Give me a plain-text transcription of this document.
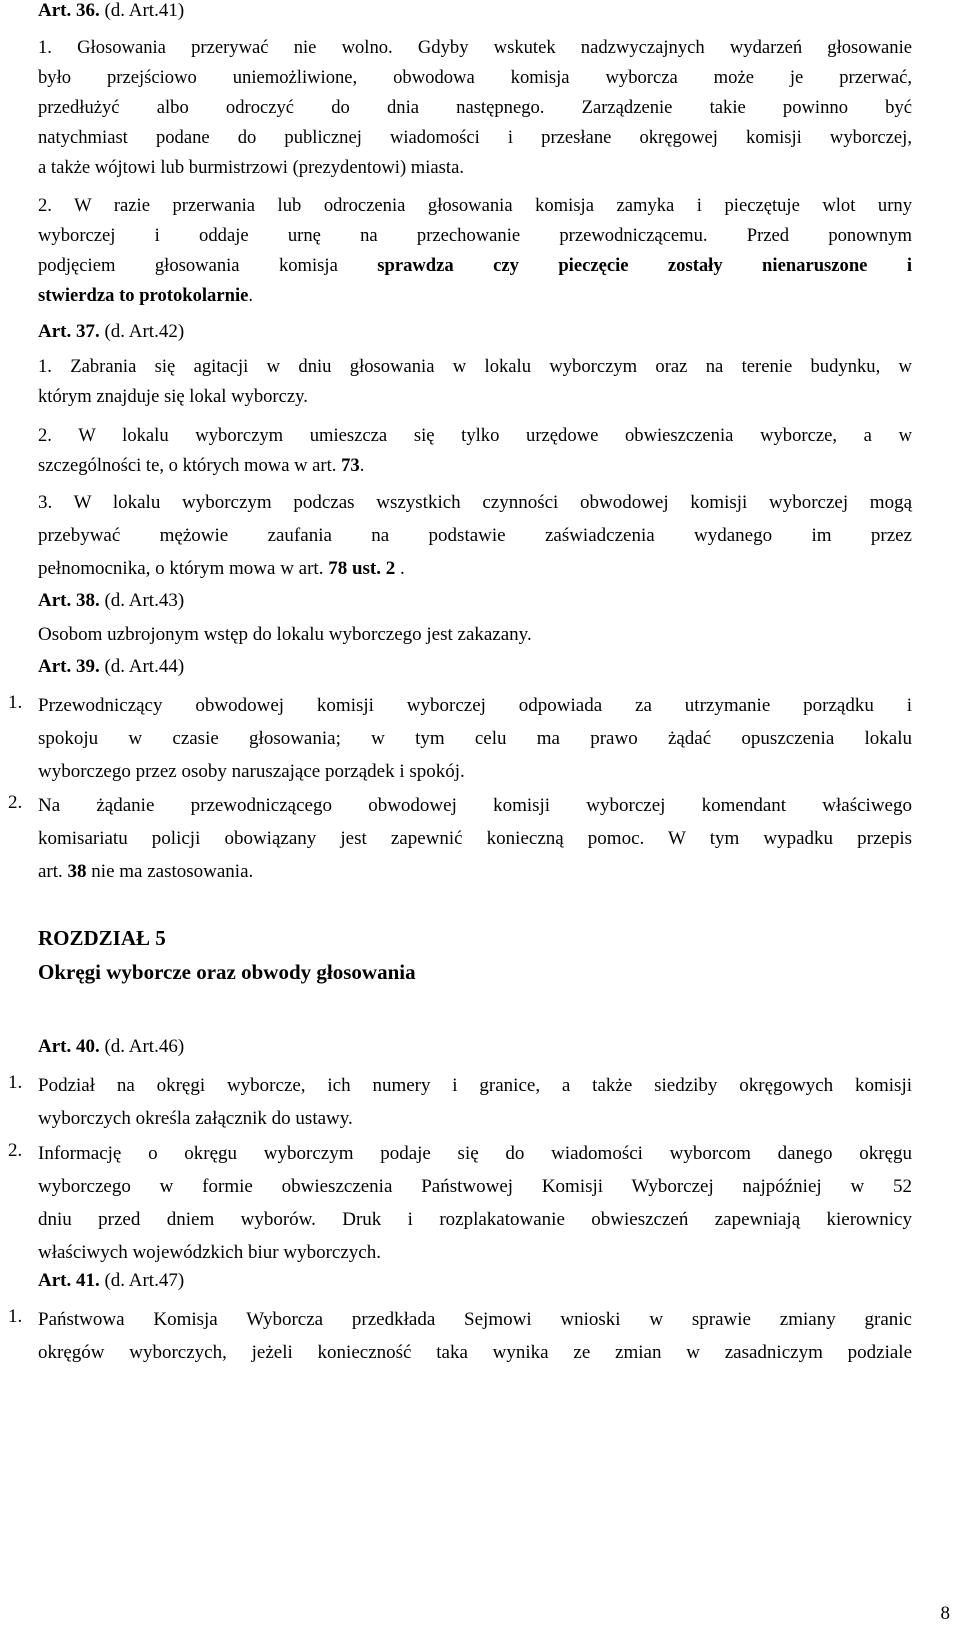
Art. 36. (d. Art.41)
1. Głosowania przerywać nie wolno. Gdyby wskutek nadzwyczajnych wydarzeń głosowanie
było przejściowo uniemożliwione, obwodowa komisja wyborcza może je przerwać,
przedłużyć albo odroczyć do dnia następnego. Zarządzenie takie powinno być
natychmiast podane do publicznej wiadomości i przesłane okręgowej komisji wyborczej,
a także wójtowi lub burmistrzowi (prezydentowi) miasta.
2. W razie przerwania lub odroczenia głosowania komisja zamyka i pieczętuje wlot urny
wyborczej i oddaje urnę na przechowanie przewodniczącemu. Przed ponownym
podjęciem głosowania komisja sprawdza czy pieczęcie zostały nienaruszone i
stwierdza to protokolarnie.
Art. 37. (d. Art.42)
1. Zabrania się agitacji w dniu głosowania w lokalu wyborczym oraz na terenie budynku, w
którym znajduje się lokal wyborczy.
2. W lokalu wyborczym umieszcza się tylko urzędowe obwieszczenia wyborcze, a w
szczególności te, o których mowa w art. 73.
3. W lokalu wyborczym podczas wszystkich czynności obwodowej komisji wyborczej mogą
przebywać mężowie zaufania na podstawie zaświadczenia wydanego im przez
pełnomocnika, o którym mowa w art. 78 ust. 2 .
Art. 38. (d. Art.43)
Osobom uzbrojonym wstęp do lokalu wyborczego jest zakazany.
Art. 39. (d. Art.44)
1. Przewodniczący obwodowej komisji wyborczej odpowiada za utrzymanie porządku i
spokoju w czasie głosowania; w tym celu ma prawo żądać opuszczenia lokalu
wyborczego przez osoby naruszające porządek i spokój.
2. Na żądanie przewodniczącego obwodowej komisji wyborczej komendant właściwego
komisariatu policji obowiązany jest zapewnić konieczną pomoc. W tym wypadku przepis
art. 38 nie ma zastosowania.
ROZDZIAŁ 5
Okręgi wyborcze oraz obwody głosowania
Art. 40. (d. Art.46)
1. Podział na okręgi wyborcze, ich numery i granice, a także siedziby okręgowych komisji
wyborczych określa załącznik do ustawy.
2. Informację o okręgu wyborczym podaje się do wiadomości wyborcom danego okręgu
wyborczego w formie obwieszczenia Państwowej Komisji Wyborczej najpóźniej w 52
dniu przed dniem wyborów. Druk i rozplakatowanie obwieszczeń zapewniają kierownicy
właściwych wojewódzkich biur wyborczych.
Art. 41. (d. Art.47)
1. Państwowa Komisja Wyborcza przedkłada Sejmowi wnioski w sprawie zmiany granic
okręgów wyborczych, jeżeli konieczność taka wynika ze zmian w zasadniczym podziale
8
